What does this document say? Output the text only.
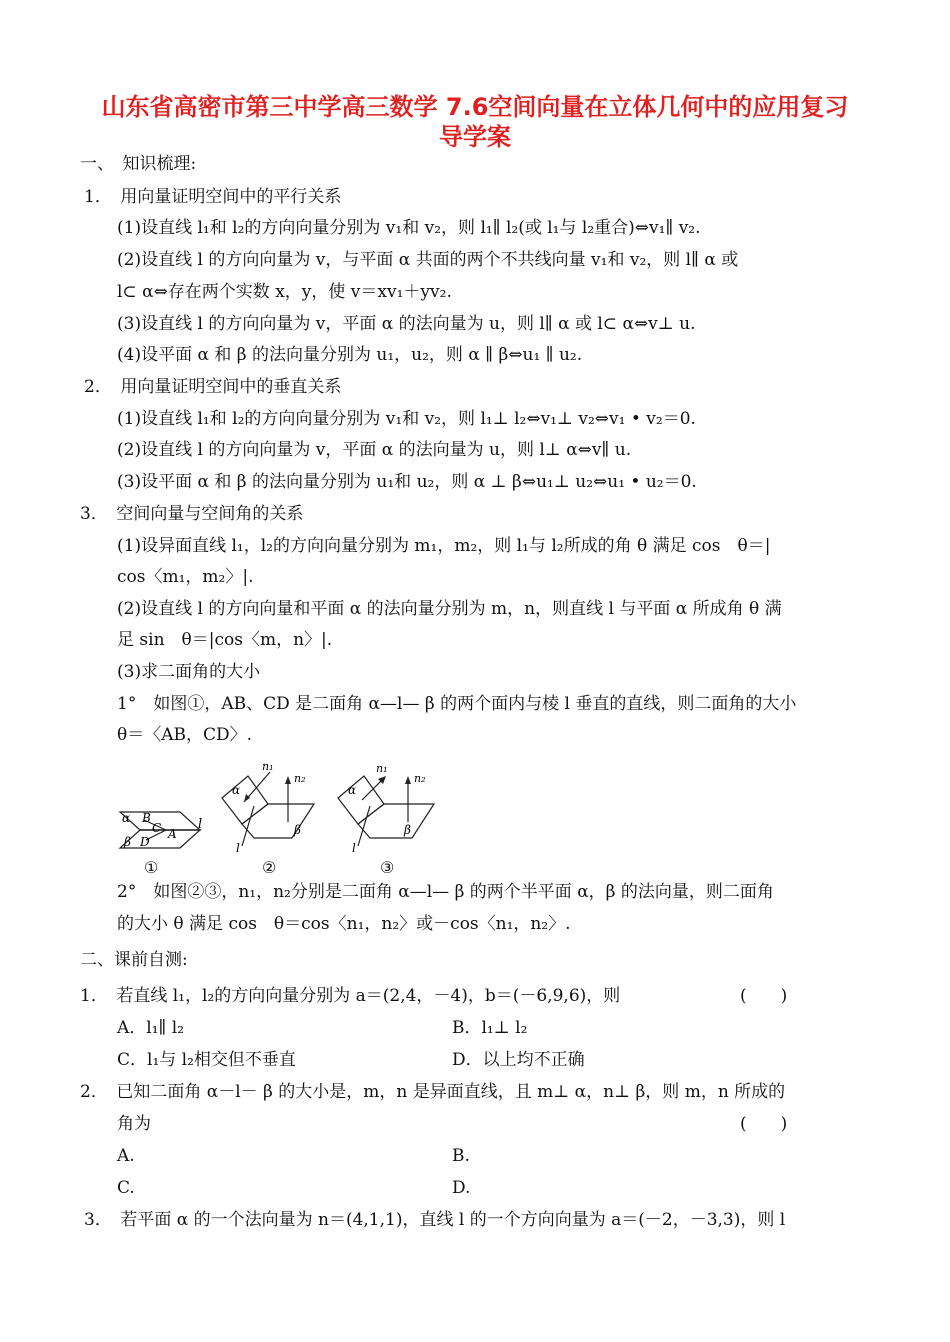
山东省高密市第三中学高三数学 7.6空间向量在立体几何中的应用复习
导学案
一、　知识梳理:
1．　用向量证明空间中的平行关系
(1)设直线 l₁和 l₂的方向向量分别为 v₁和 v₂，则 l₁∥ l₂(或 l₁与 l₂重合)⇔v₁∥ v₂.
(2)设直线 l 的方向向量为 v，与平面 α 共面的两个不共线向量 v₁和 v₂，则 l∥ α 或
l⊂ α⇔存在两个实数 x，y，使 v＝xv₁＋yv₂.
(3)设直线 l 的方向向量为 v，平面 α 的法向量为 u，则 l∥ α 或 l⊂ α⇔v⊥ u.
(4)设平面 α 和 β 的法向量分别为 u₁，u₂，则 α ∥ β⇔u₁ ∥ u₂.
2．　用向量证明空间中的垂直关系
(1)设直线 l₁和 l₂的方向向量分别为 v₁和 v₂，则 l₁⊥ l₂⇔v₁⊥ v₂⇔v₁ • v₂＝0.
(2)设直线 l 的方向向量为 v，平面 α 的法向量为 u，则 l⊥ α⇔v∥ u.
(3)设平面 α 和 β 的法向量分别为 u₁和 u₂，则 α ⊥ β⇔u₁⊥ u₂⇔u₁ • u₂＝0.
3．　空间向量与空间角的关系
(1)设异面直线 l₁，l₂的方向向量分别为 m₁，m₂，则 l₁与 l₂所成的角 θ 满足 cos　θ＝|
cos〈m₁，m₂〉|.
(2)设直线 l 的方向向量和平面 α 的法向量分别为 m，n，则直线 l 与平面 α 所成角 θ 满
足 sin　θ＝|cos〈m，n〉|.
(3)求二面角的大小
1°　如图①，AB、CD 是二面角 α—l— β 的两个面内与棱 l 垂直的直线，则二面角的大小
θ＝〈AB，CD〉.
α B
C A
β D
l
①
n₁
n₂
α
β
l
②
n₁
n₂
α
β
l
③
2°　如图②③，n₁，n₂分别是二面角 α—l— β 的两个半平面 α，β 的法向量，则二面角
的大小 θ 满足 cos　θ＝cos〈n₁，n₂〉或－cos〈n₁，n₂〉.
二、课前自测:
1．　若直线 l₁，l₂的方向向量分别为 a＝(2,4，－4)，b＝(－6,9,6)，则	(　　)
A．l₁∥ l₂	B．l₁⊥ l₂
C．l₁与 l₂相交但不垂直	D．以上均不正确
2．　已知二面角 α－l－ β 的大小是，m，n 是异面直线，且 m⊥ α，n⊥ β，则 m，n 所成的
角为	(　　)
A.	B.
C.	D.
3．　若平面 α 的一个法向量为 n＝(4,1,1)，直线 l 的一个方向向量为 a＝(－2，－3,3)，则 l
